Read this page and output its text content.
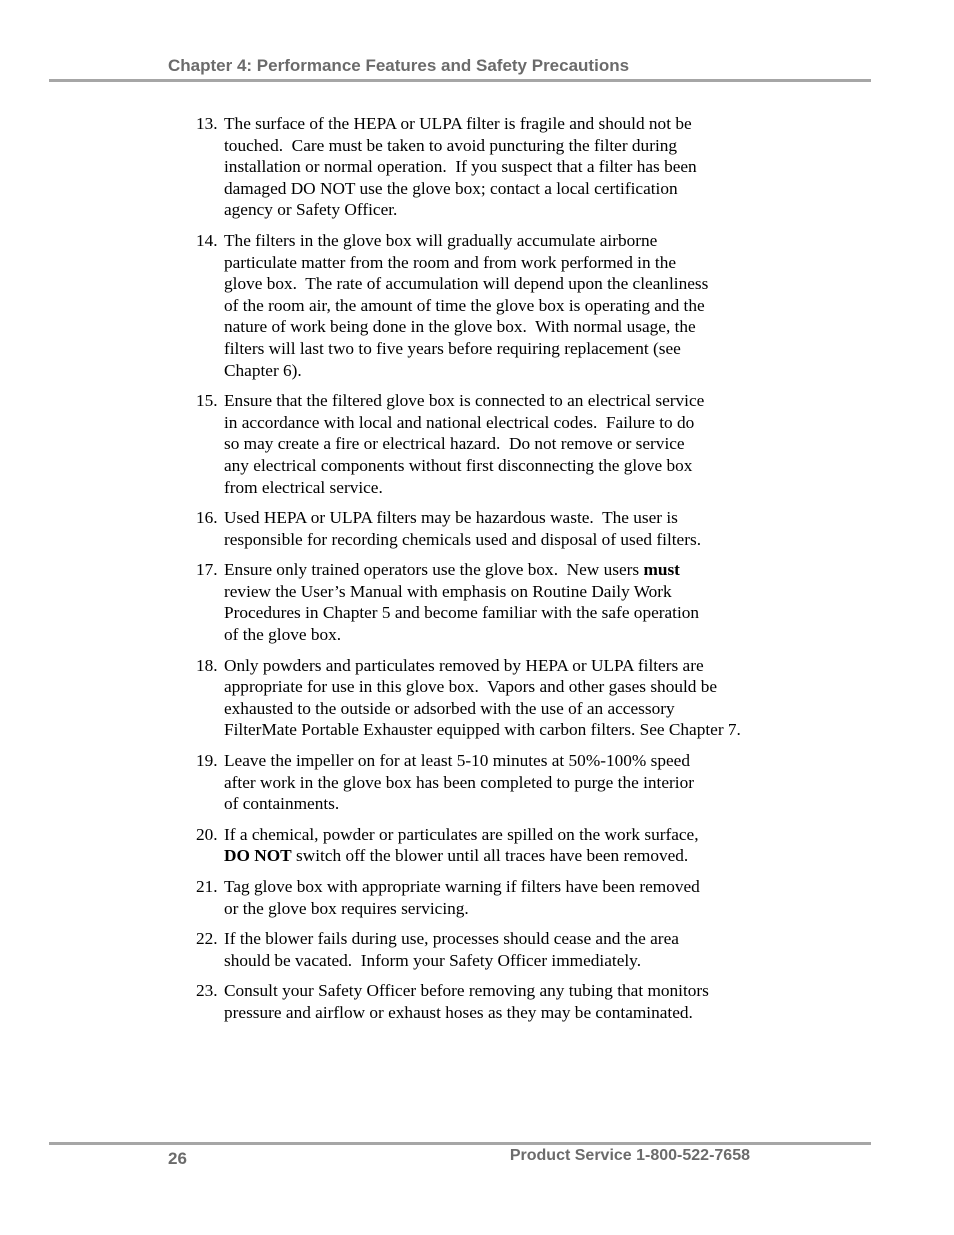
Chapter 4: Performance Features and Safety Precautions
13. The surface of the HEPA or ULPA filter is fragile and should not be
touched.  Care must be taken to avoid puncturing the filter during
installation or normal operation.  If you suspect that a filter has been
damaged DO NOT use the glove box; contact a local certification
agency or Safety Officer.
14. The filters in the glove box will gradually accumulate airborne
particulate matter from the room and from work performed in the
glove box.  The rate of accumulation will depend upon the cleanliness
of the room air, the amount of time the glove box is operating and the
nature of work being done in the glove box.  With normal usage, the
filters will last two to five years before requiring replacement (see
Chapter 6).
15. Ensure that the filtered glove box is connected to an electrical service
in accordance with local and national electrical codes.  Failure to do
so may create a fire or electrical hazard.  Do not remove or service
any electrical components without first disconnecting the glove box
from electrical service.
16. Used HEPA or ULPA filters may be hazardous waste.  The user is
responsible for recording chemicals used and disposal of used filters.
17. Ensure only trained operators use the glove box.  New users must
review the User’s Manual with emphasis on Routine Daily Work
Procedures in Chapter 5 and become familiar with the safe operation
of the glove box.
18. Only powders and particulates removed by HEPA or ULPA filters are
appropriate for use in this glove box.  Vapors and other gases should be
exhausted to the outside or adsorbed with the use of an accessory
FilterMate Portable Exhauster equipped with carbon filters. See Chapter 7.
19. Leave the impeller on for at least 5-10 minutes at 50%-100% speed
after work in the glove box has been completed to purge the interior
of containments.
20. If a chemical, powder or particulates are spilled on the work surface,
DO NOT switch off the blower until all traces have been removed.
21. Tag glove box with appropriate warning if filters have been removed
or the glove box requires servicing.
22. If the blower fails during use, processes should cease and the area
should be vacated.  Inform your Safety Officer immediately.
23. Consult your Safety Officer before removing any tubing that monitors
pressure and airflow or exhaust hoses as they may be contaminated.
26	Product Service 1-800-522-7658
